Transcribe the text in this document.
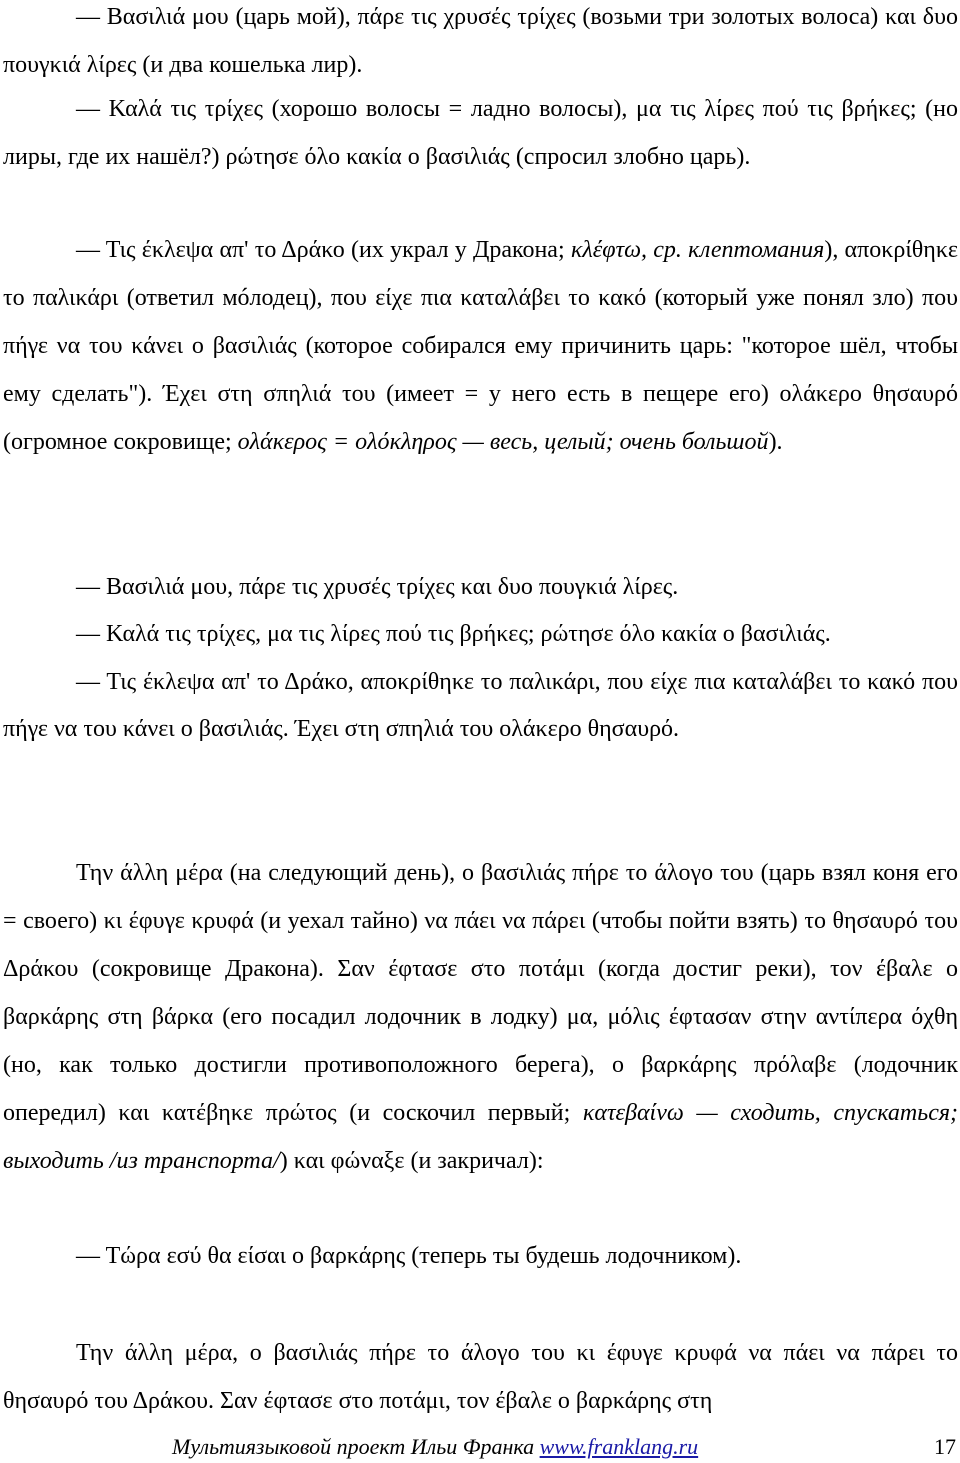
— Βασιλιά μου (царь мой), πάρε τις χρυσές τρίχες (возьми три золотых волоса) και δυο πουγκιά λίρες (и два кошелька лир).
— Καλά τις τρίχες (хорошо волосы = ладно волосы), μα τις λίρες πού τις βρήκες; (но лиры, где их нашёл?) ρώτησε όλο κακία ο βασιλιάς (спросил злобно царь).
— Τις έκλεψα απ' το Δράκο (их украл у Дракона; κλέφτω, ср. клептомания), αποκρίθηκε το παλικάρι (ответил мóлодец), που είχε πια καταλάβει το κακό (который уже понял зло) που πήγε να του κάνει ο βασιλιάς (которое собирался ему причинить царь: "которое шёл, чтобы ему сделать"). Έχει στη σπηλιά του (имеет = у него есть в пещере его) ολάκερο θησαυρό (огромное сокровище; ολάκερος = ολόκληρος — весь, целый; очень большой).
— Βασιλιά μου, πάρε τις χρυσές τρίχες και δυο πουγκιά λίρες.
— Καλά τις τρίχες, μα τις λίρες πού τις βρήκες; ρώτησε όλο κακία ο βασιλιάς.
— Τις έκλεψα απ' το Δράκο, αποκρίθηκε το παλικάρι, που είχε πια καταλάβει το κακό που πήγε να του κάνει ο βασιλιάς. Έχει στη σπηλιά του ολάκερο θησαυρό.
Την άλλη μέρα (на следующий день), ο βασιλιάς πήρε το άλογο του (царь взял коня его = своего) κι έφυγε κρυφά (и уехал тайно) να πάει να πάρει (чтобы пойти взять) το θησαυρό του Δράκου (сокровище Дракона). Σαν έφτασε στο ποτάμι (когда достиг реки), τον έβαλε ο βαρκάρης στη βάρκα (его посадил лодочник в лодку) μα, μόλις έφτασαν στην αντίπερα όχθη (но, как только достигли противоположного берега), ο βαρκάρης πρόλαβε (лодочник опередил) και κατέβηκε πρώτος (и соскочил первый; κατεβαίνω — сходить, спускаться; выходить /из транспорта/) και φώναξε (и закричал):
— Τώρα εσύ θα είσαι ο βαρκάρης (теперь ты будешь лодочником).
Την άλλη μέρα, ο βασιλιάς πήρε το άλογο του κι έφυγε κρυφά να πάει να πάρει το θησαυρό του Δράκου. Σαν έφτασε στο ποτάμι, τον έβαλε ο βαρκάρης στη
Мультиязыковой проект Ильи Франка www.franklang.ru	17
